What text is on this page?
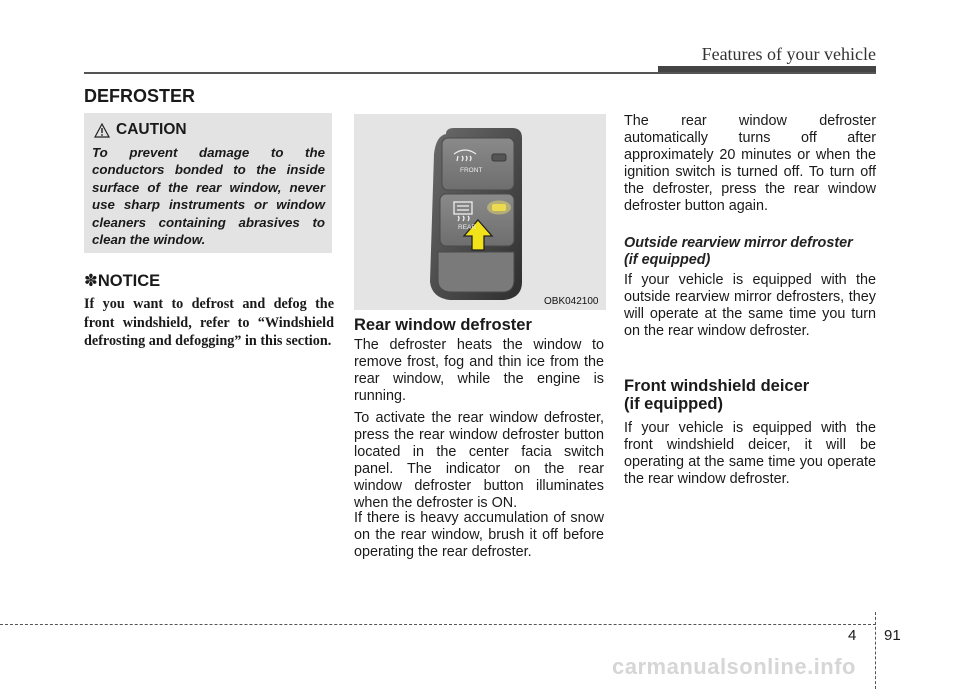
Features of your vehicle
DEFROSTER
CAUTION
To prevent damage to the conductors bonded to the inside surface of the rear window, never use sharp instruments or window cleaners containing abrasives to clean the window.
✽NOTICE
If you want to defrost and defog the front windshield, refer to “Windshield defrosting and defogging” in this section.
FRONT
REAR
OBK042100
Rear window defroster
The defroster heats the window to remove frost, fog and thin ice from the rear window, while the engine is running.
To activate the rear window defroster, press the rear window defroster button located in the center facia switch panel. The indicator on the rear window defroster button illuminates when the defroster is ON.
If there is heavy accumulation of snow on the rear window, brush it off before operating the rear defroster.
The rear window defroster automatically turns off after approximately 20 minutes or when the ignition switch is turned off. To turn off the defroster, press the rear window defroster button again.
Outside rearview mirror defroster
(if equipped)
If your vehicle is equipped with the outside rearview mirror defrosters, they will operate at the same time you turn on the rear window defroster.
Front windshield deicer
(if equipped)
If your vehicle is equipped with the front windshield deicer, it will be operating at the same time you operate the rear window defroster.
4 91
carmanualsonline.info
